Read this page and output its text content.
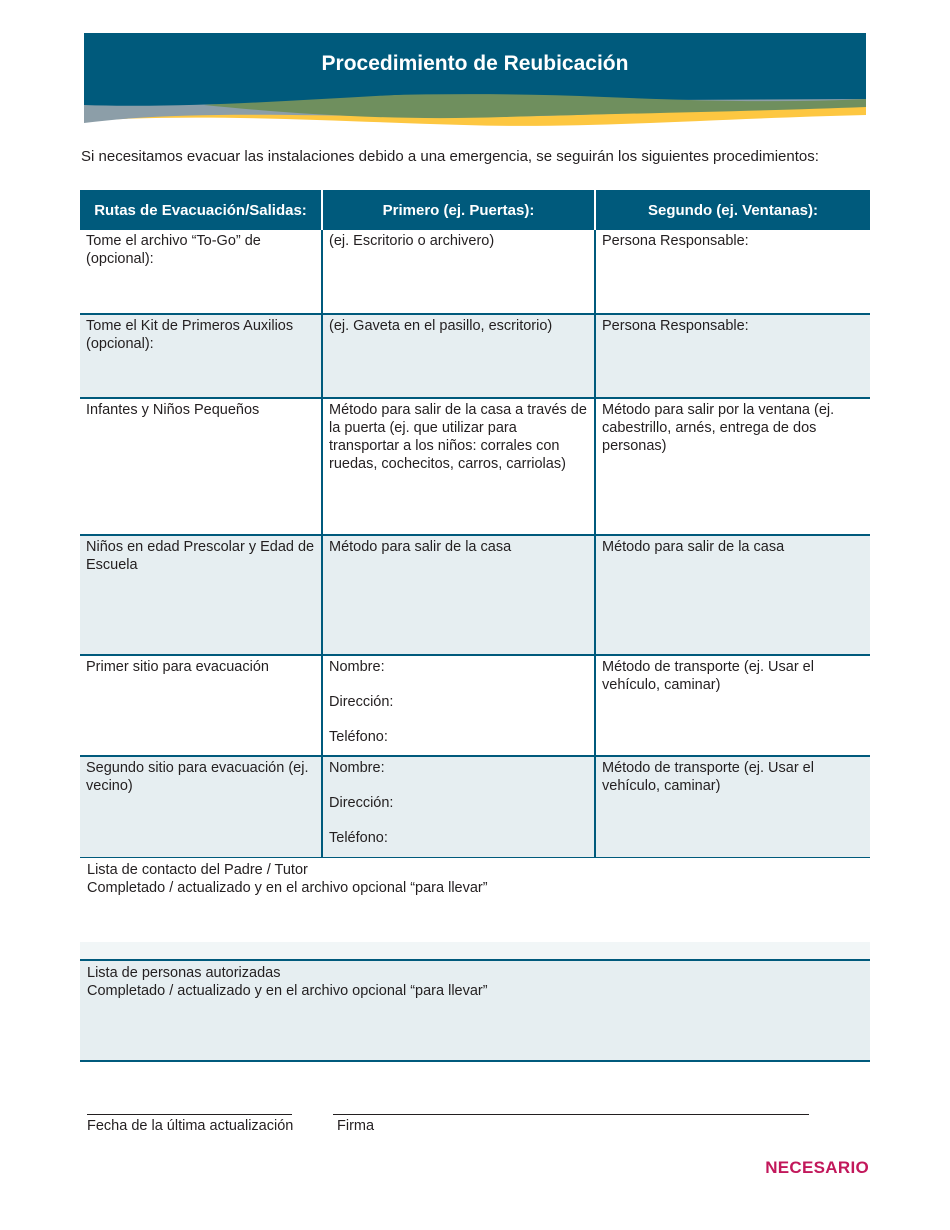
Procedimiento de Reubicación
Si necesitamos evacuar las instalaciones debido a una emergencia, se seguirán los siguientes procedimientos:
Rutas de Evacuación/Salidas:	Primero (ej. Puertas):	Segundo (ej. Ventanas):
Tome el archivo “To-Go” de (opcional):	(ej. Escritorio o archivero)	Persona Responsable:
Tome el Kit de Primeros Auxilios (opcional):	(ej. Gaveta en el pasillo, escritorio)	Persona Responsable:
Infantes y Niños Pequeños	Método para salir de la casa a través de la puerta (ej. que utilizar para transportar a los niños: corrales con ruedas, cochecitos, carros, carriolas)	Método para salir por la ventana (ej. cabestrillo, arnés, entrega de dos personas)
Niños en edad Prescolar y Edad de Escuela	Método para salir de la casa	Método para salir de la casa
Primer sitio para evacuación	Nombre:
Dirección:
Teléfono:	Método de transporte (ej. Usar el vehículo, caminar)
Segundo sitio para evacuación (ej. vecino)	Nombre:
Dirección:
Teléfono:	Método de transporte (ej. Usar el vehículo, caminar)
Lista de contacto del Padre / Tutor
Completado / actualizado y en el archivo opcional “para llevar”
Lista de personas autorizadas
Completado / actualizado y en el archivo opcional “para llevar”
Fecha de la última actualización	Firma
NECESARIO
